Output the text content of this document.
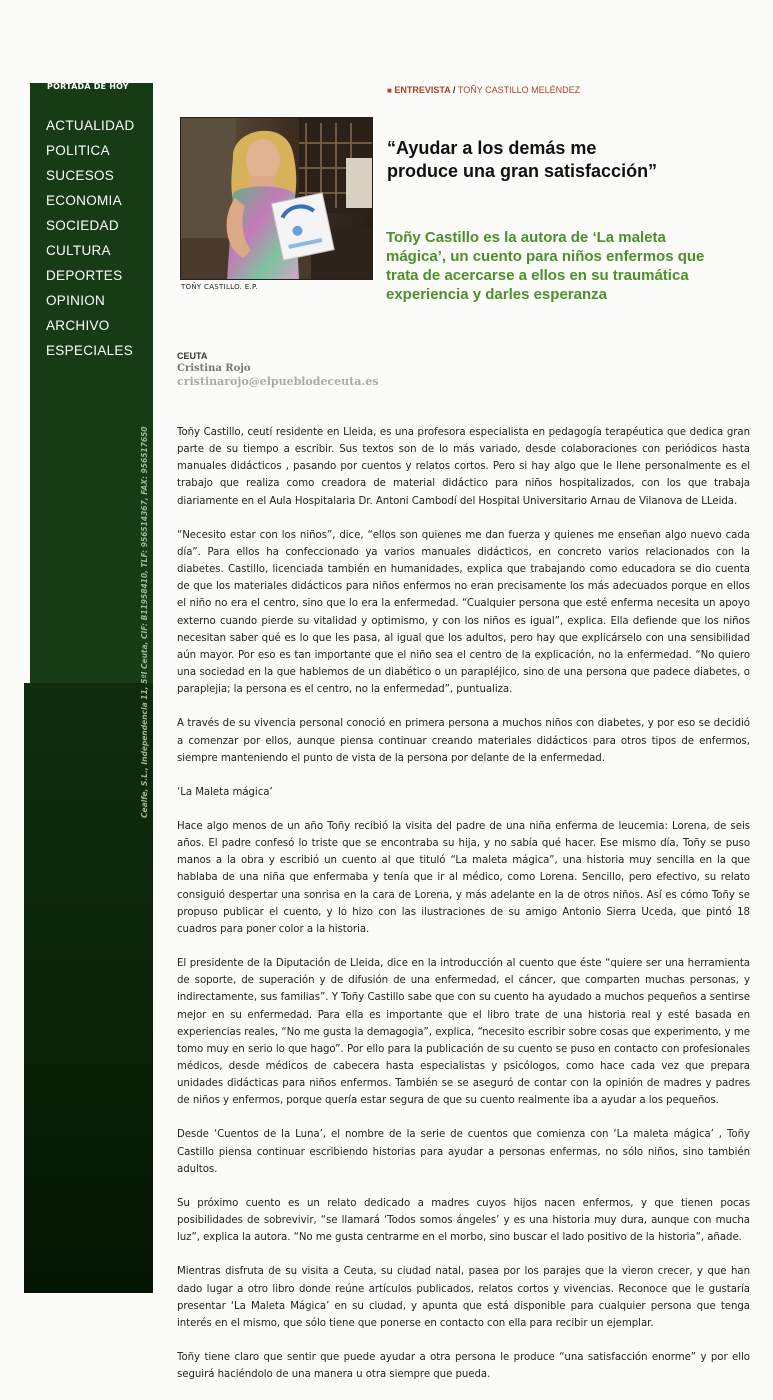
PORTADA DE HOY
ACTUALIDAD
POLITICA
SUCESOS
ECONOMIA
SOCIEDAD
CULTURA
DEPORTES
OPINION
ARCHIVO
ESPECIALES
Cealfe, S.L., Independencia 11, 5ºI Ceuta, CIF: B11958410, TLF: 956514367, FAX: 956517650
■ ENTREVISTA / TOÑY CASTILLO MELÉNDEZ
TOÑY CASTILLO. E.P.
“Ayudar a los demás me
produce una gran satisfacción”
Toñy Castillo es la autora de ‘La maleta mágica’, un cuento para niños enfermos que trata de acercarse a ellos en su traumática experiencia y darles esperanza
CEUTA
Cristina Rojo
cristinarojo@elpueblodeceuta.es

Toñy Castillo, ceutí residente en Lleida, es una profesora especialista en pedagogía terapéutica que dedica gran parte de su tiempo a escribir. Sus textos son de lo más variado, desde colaboraciones con periódicos hasta manuales didácticos , pasando por cuentos y relatos cortos. Pero si hay algo que le llene personalmente es el trabajo que realiza como creadora de material didáctico para niños hospitalizados, con los que trabaja diariamente en el Aula Hospitalaria Dr. Antoni Cambodí del Hospital Universitario Arnau de Vilanova de LLeida.

“Necesito estar con los niños”, dice, “ellos son quienes me dan fuerza y quienes me enseñan algo nuevo cada día”. Para ellos ha confeccionado ya varios manuales didácticos, en concreto varios relacionados con la diabetes. Castillo, licenciada también en humanidades, explica que trabajando como educadora se dio cuenta de que los materiales didácticos para niños enfermos no eran precisamente los más adecuados porque en ellos el niño no era el centro, sino que lo era la enfermedad. “Cualquier persona que esté enferma necesita un apoyo externo cuando pierde su vitalidad y optimismo, y con los niños es igual”, explica. Ella defiende que los niños necesitan saber qué es lo que les pasa, al igual que los adultos, pero hay que explicárselo con una sensibilidad aún mayor. Por eso es tan importante que el niño sea el centro de la explicación, no la enfermedad. “No quiero una sociedad en la que hablemos de un diabético o un parapléjico, sino de una persona que padece diabetes, o paraplejia; la persona es el centro, no la enfermedad”, puntualiza.

A través de su vivencia personal conoció en primera persona a muchos niños con diabetes, y por eso se decidió a comenzar por ellos, aunque piensa continuar creando materiales didácticos para otros tipos de enfermos, siempre manteniendo el punto de vista de la persona por delante de la enfermedad.

‘La Maleta mágica’

Hace algo menos de un año Toñy recibió la visita del padre de una niña enferma de leucemia: Lorena, de seis años. El padre confesó lo triste que se encontraba su hija, y no sabía qué hacer. Ese mismo día, Toñy se puso manos a la obra y escribió un cuento al que tituló “La maleta mágica”, una historia muy sencilla en la que hablaba de una niña que enfermaba y tenía que ir al médico, como Lorena. Sencillo, pero efectivo, su relato consiguió despertar una sonrisa en la cara de Lorena, y más adelante en la de otros niños. Así es cómo Toñy se propuso publicar el cuento, y lo hizo con las ilustraciones de su amigo Antonio Sierra Uceda, que pintó 18 cuadros para poner color a la historia.

El presidente de la Diputación de Lleida, dice en la introducción al cuento que éste “quiere ser una herramienta de soporte, de superación y de difusión de una enfermedad, el cáncer, que comparten muchas personas, y indirectamente, sus familias”. Y Toñy Castillo sabe que con su cuento ha ayudado a muchos pequeños a sentirse mejor en su enfermedad. Para ella es importante que el libro trate de una historia real y esté basada en experiencias reales, “No me gusta la demagogia”, explica, “necesito escribir sobre cosas que experimento, y me tomo muy en serio lo que hago”. Por ello para la publicación de su cuento se puso en contacto con profesionales médicos, desde médicos de cabecera hasta especialistas y psicólogos, como hace cada vez que prepara unidades didácticas para niños enfermos. También se se aseguró de contar con la opinión de madres y padres de niños y enfermos, porque quería estar segura de que su cuento realmente iba a ayudar a los pequeños.

Desde ‘Cuentos de la Luna’, el nombre de la serie de cuentos que comienza con ‘La maleta mágica’ , Toñy Castillo piensa continuar escribiendo historias para ayudar a personas enfermas, no sólo niños, sino también adultos.

Su próximo cuento es un relato dedicado a madres cuyos hijos nacen enfermos, y que tienen pocas posibilidades de sobrevivir, “se llamará ‘Todos somos ángeles’ y es una historia muy dura, aunque con mucha luz”, explica la autora. “No me gusta centrarme en el morbo, sino buscar el lado positivo de la historia”, añade.

Mientras disfruta de su visita a Ceuta, su ciudad natal, pasea por los parajes que la vieron crecer, y que han dado lugar a otro libro donde reúne artículos publicados, relatos cortos y vivencias. Reconoce que le gustaría presentar ‘La Maleta Mágica’ en su ciudad, y apunta que está disponible para cualquier persona que tenga interés en el mismo, que sólo tiene que ponerse en contacto con ella para recibir un ejemplar.

Toñy tiene claro que sentir que puede ayudar a otra persona le produce “una satisfacción enorme” y por ello seguirá haciéndolo de una manera u otra siempre que pueda.
